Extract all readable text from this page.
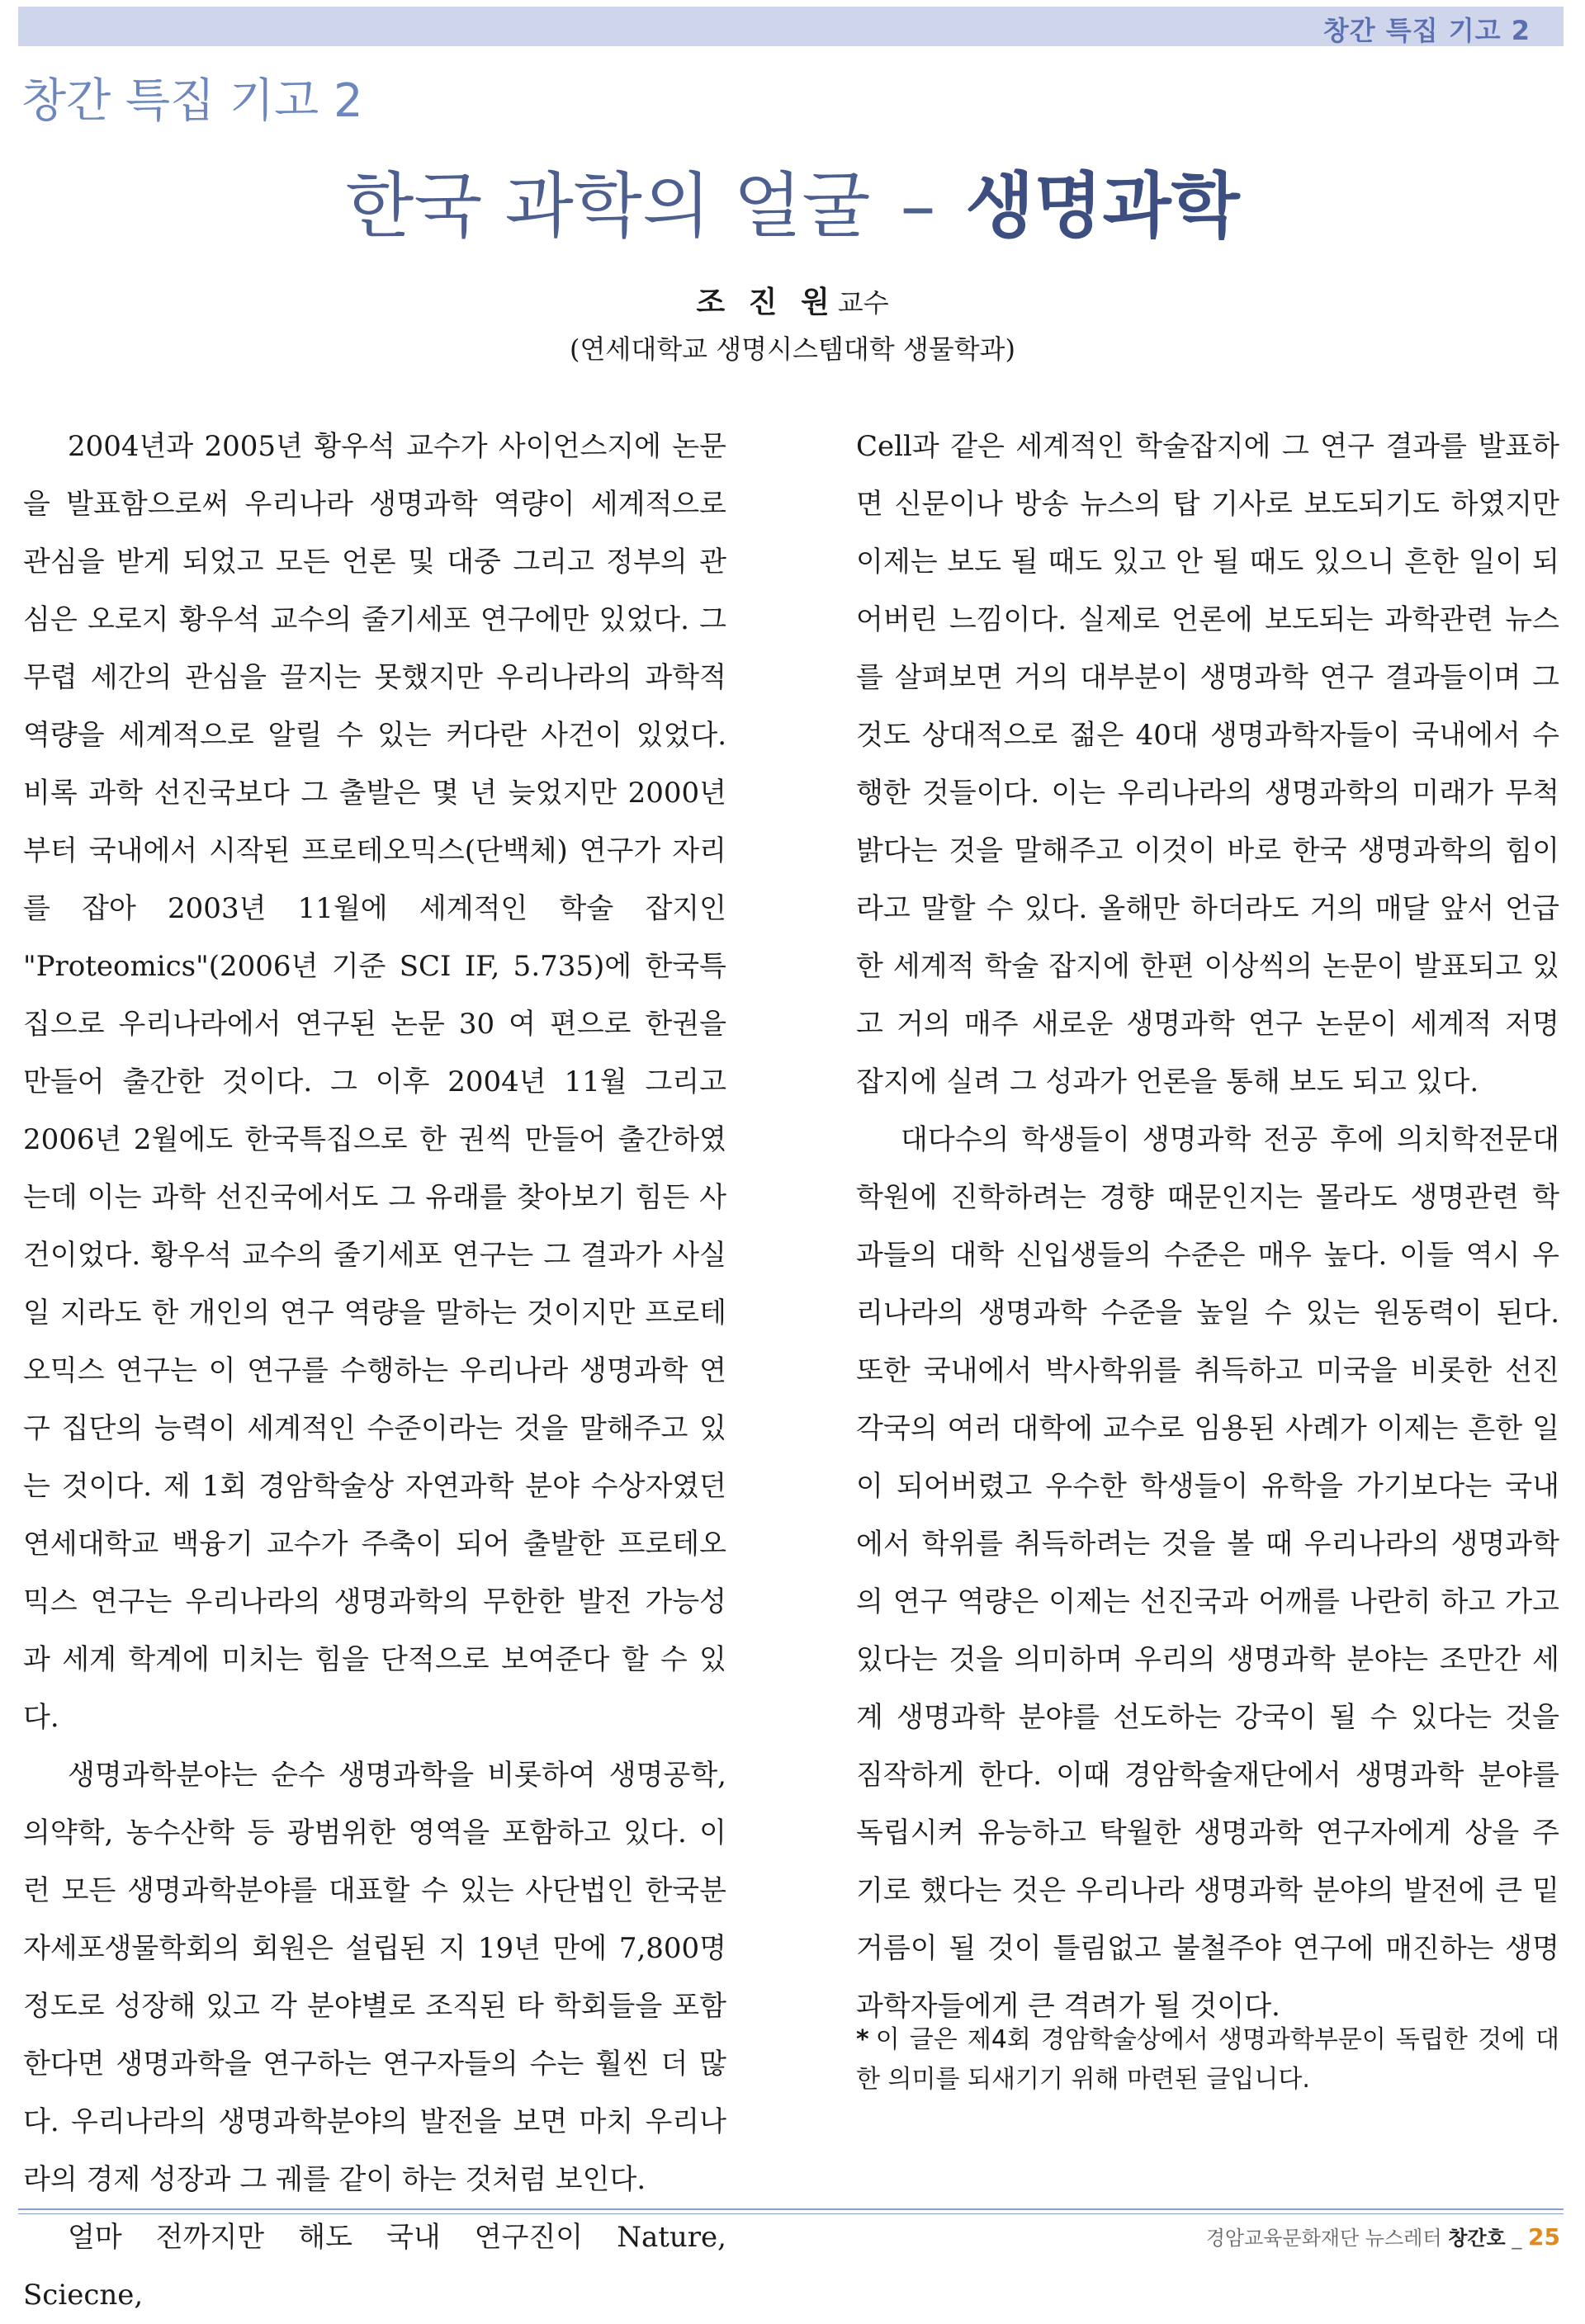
창간 특집 기고 2
창간 특집 기고 2
한국 과학의 얼굴 – 생명과학
조 진 원교수
(연세대학교 생명시스템대학 생물학과)

2004년과 2005년 황우석 교수가 사이언스지에 논문을 발표함으로써 우리나라 생명과학 역량이 세계적으로 관심을 받게 되었고 모든 언론 및 대중 그리고 정부의 관심은 오로지 황우석 교수의 줄기세포 연구에만 있었다. 그 무렵 세간의 관심을 끌지는 못했지만 우리나라의 과학적 역량을 세계적으로 알릴 수 있는 커다란 사건이 있었다. 비록 과학 선진국보다 그 출발은 몇 년 늦었지만 2000년부터 국내에서 시작된 프로테오믹스(단백체) 연구가 자리를 잡아 2003년 11월에 세계적인 학술 잡지인 "Proteomics"(2006년 기준 SCI IF, 5.735)에 한국특집으로 우리나라에서 연구된 논문 30 여 편으로 한권을 만들어 출간한 것이다. 그 이후 2004년 11월 그리고 2006년 2월에도 한국특집으로 한 권씩 만들어 출간하였는데 이는 과학 선진국에서도 그 유래를 찾아보기 힘든 사건이었다. 황우석 교수의 줄기세포 연구는 그 결과가 사실일 지라도 한 개인의 연구 역량을 말하는 것이지만 프로테오믹스 연구는 이 연구를 수행하는 우리나라 생명과학 연구 집단의 능력이 세계적인 수준이라는 것을 말해주고 있는 것이다. 제 1회 경암학술상 자연과학 분야 수상자였던 연세대학교 백융기 교수가 주축이 되어 출발한 프로테오믹스 연구는 우리나라의 생명과학의 무한한 발전 가능성과 세계 학계에 미치는 힘을 단적으로 보여준다 할 수 있다.

생명과학분야는 순수 생명과학을 비롯하여 생명공학, 의약학, 농수산학 등 광범위한 영역을 포함하고 있다. 이런 모든 생명과학분야를 대표할 수 있는 사단법인 한국분자세포생물학회의 회원은 설립된 지 19년 만에 7,800명 정도로 성장해 있고 각 분야별로 조직된 타 학회들을 포함한다면 생명과학을 연구하는 연구자들의 수는 훨씬 더 많다. 우리나라의 생명과학분야의 발전을 보면 마치 우리나라의 경제 성장과 그 궤를 같이 하는 것처럼 보인다.

얼마 전까지만 해도 국내 연구진이 Nature, Sciecne,

Cell과 같은 세계적인 학술잡지에 그 연구 결과를 발표하면 신문이나 방송 뉴스의 탑 기사로 보도되기도 하였지만 이제는 보도 될 때도 있고 안 될 때도 있으니 흔한 일이 되어버린 느낌이다. 실제로 언론에 보도되는 과학관련 뉴스를 살펴보면 거의 대부분이 생명과학 연구 결과들이며 그것도 상대적으로 젊은 40대 생명과학자들이 국내에서 수행한 것들이다. 이는 우리나라의 생명과학의 미래가 무척 밝다는 것을 말해주고 이것이 바로 한국 생명과학의 힘이라고 말할 수 있다. 올해만 하더라도 거의 매달 앞서 언급한 세계적 학술 잡지에 한편 이상씩의 논문이 발표되고 있고 거의 매주 새로운 생명과학 연구 논문이 세계적 저명 잡지에 실려 그 성과가 언론을 통해 보도 되고 있다.

대다수의 학생들이 생명과학 전공 후에 의치학전문대학원에 진학하려는 경향 때문인지는 몰라도 생명관련 학과들의 대학 신입생들의 수준은 매우 높다. 이들 역시 우리나라의 생명과학 수준을 높일 수 있는 원동력이 된다. 또한 국내에서 박사학위를 취득하고 미국을 비롯한 선진 각국의 여러 대학에 교수로 임용된 사례가 이제는 흔한 일이 되어버렸고 우수한 학생들이 유학을 가기보다는 국내에서 학위를 취득하려는 것을 볼 때 우리나라의 생명과학의 연구 역량은 이제는 선진국과 어깨를 나란히 하고 가고 있다는 것을 의미하며 우리의 생명과학 분야는 조만간 세계 생명과학 분야를 선도하는 강국이 될 수 있다는 것을 짐작하게 한다. 이때 경암학술재단에서 생명과학 분야를 독립시켜 유능하고 탁월한 생명과학 연구자에게 상을 주기로 했다는 것은 우리나라 생명과학 분야의 발전에 큰 밑거름이 될 것이 틀림없고 불철주야 연구에 매진하는 생명과학자들에게 큰 격려가 될 것이다.

* 이 글은 제4회 경암학술상에서 생명과학부문이 독립한 것에 대한 의미를 되새기기 위해 마련된 글입니다.
경암교육문화재단 뉴스레터 창간호 _ 25
